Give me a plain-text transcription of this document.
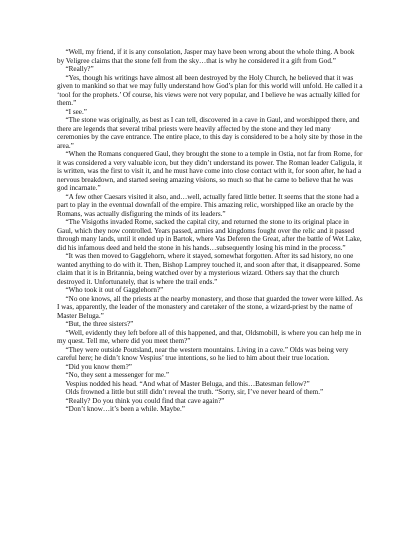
“Well, my friend, if it is any consolation, Jasper may have been wrong about the whole thing. A book by Veligree claims that the stone fell from the sky…that is why he considered it a gift from God.”

“Really?”

“Yes, though his writings have almost all been destroyed by the Holy Church, he believed that it was given to mankind so that we may fully understand how God’s plan for this world will unfold. He called it a ‘tool for the prophets.’ Of course, his views were not very popular, and I believe he was actually killed for them.”

“I see.”

“The stone was originally, as best as I can tell, discovered in a cave in Gaul, and worshipped there, and there are legends that several tribal priests were heavily affected by the stone and they led many ceremonies by the cave entrance. The entire place, to this day is considered to be a holy site by those in the area.”

“When the Romans conquered Gaul, they brought the stone to a temple in Ostia, not far from Rome, for it was considered a very valuable icon, but they didn’t understand its power. The Roman leader Caligula, it is written, was the first to visit it, and he must have come into close contact with it, for soon after, he had a nervous breakdown, and started seeing amazing visions, so much so that he came to believe that he was god incarnate.”

“A few other Caesars visited it also, and…well, actually fared little better. It seems that the stone had a part to play in the eventual downfall of the empire. This amazing relic, worshipped like an oracle by the Romans, was actually disfiguring the minds of its leaders.”

“The Visigoths invaded Rome, sacked the capital city, and returned the stone to its original place in Gaul, which they now controlled. Years passed, armies and kingdoms fought over the relic and it passed through many lands, until it ended up in Bartok, where Vas Deferen the Great, after the battle of Wet Lake, did his infamous deed and held the stone in his hands…subsequently losing his mind in the process.”

“It was then moved to Gagglehorn, where it stayed, somewhat forgotten. After its sad history, no one wanted anything to do with it. Then, Bishop Lamprey touched it, and soon after that, it disappeared. Some claim that it is in Britannia, being watched over by a mysterious wizard. Others say that the church destroyed it. Unfortunately, that is where the trail ends.”

“Who took it out of Gagglehorn?”

“No one knows, all the priests at the nearby monastery, and those that guarded the tower were killed. As I was, apparently, the leader of the monastery and caretaker of the stone, a wizard-priest by the name of Master Beluga.”

“But, the three sisters?”

“Well, evidently they left before all of this happened, and that, Oldsmobill, is where you can help me in my quest. Tell me, where did you meet them?”

“They were outside Poutsland, near the western mountains. Living in a cave.” Olds was being very careful here; he didn’t know Vespius’ true intentions, so he lied to him about their true location.

“Did you know them?”

“No, they sent a messenger for me.”

Vespius nodded his head. “And what of Master Beluga, and this…Batesman fellow?”

Olds frowned a little but still didn’t reveal the truth. “Sorry, sir, I’ve never heard of them.”

“Really? Do you think you could find that cave again?”

“Don’t know…it’s been a while. Maybe.”
